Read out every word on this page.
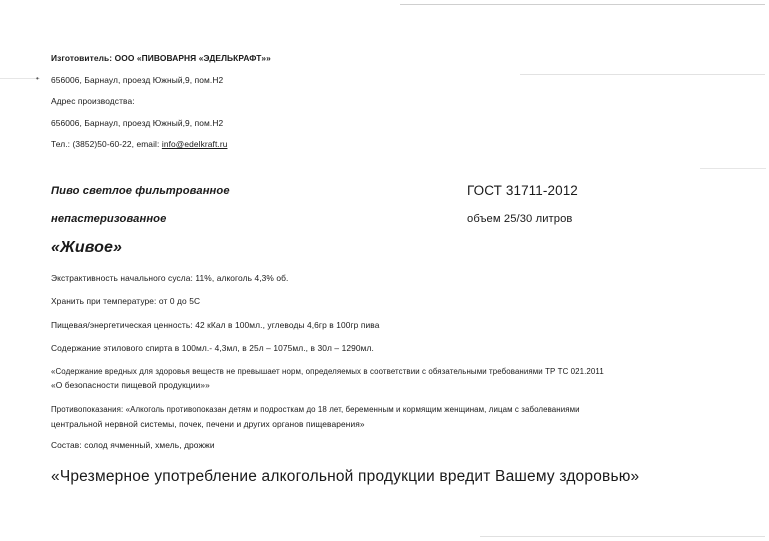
•
Изготовитель: ООО «ПИВОВАРНЯ «ЭДЕЛЬКРАФТ»»
656006, Барнаул, проезд Южный,9, пом.Н2
Адрес производства:
656006, Барнаул, проезд Южный,9, пом.Н2
Тел.: (3852)50-60-22, email: info@edelkraft.ru
Пиво светлое фильтрованное
непастеризованное
ГОСТ 31711-2012
объем 25/30 литров
«Живое»
Экстрактивность начального сусла: 11%, алкоголь 4,3% об.
Хранить при температуре: от 0 до 5С
Пищевая/энергетическая ценность: 42 кКал в 100мл., углеводы 4,6гр в 100гр пива
Содержание этилового спирта в 100мл.- 4,3мл, в 25л – 1075мл., в 30л – 1290мл.
«Содержание вредных для здоровья веществ не превышает норм, определяемых в соответствии с обязательными требованиями ТР ТС 021.2011
«О безопасности пищевой продукции»»
Противопоказания: «Алкоголь противопоказан детям и подросткам до 18 лет, беременным и кормящим женщинам, лицам с заболеваниями
центральной нервной системы, почек, печени и других органов пищеварения»
Состав: солод ячменный, хмель, дрожжи
«Чрезмерное употребление алкогольной продукции вредит Вашему здоровью»
